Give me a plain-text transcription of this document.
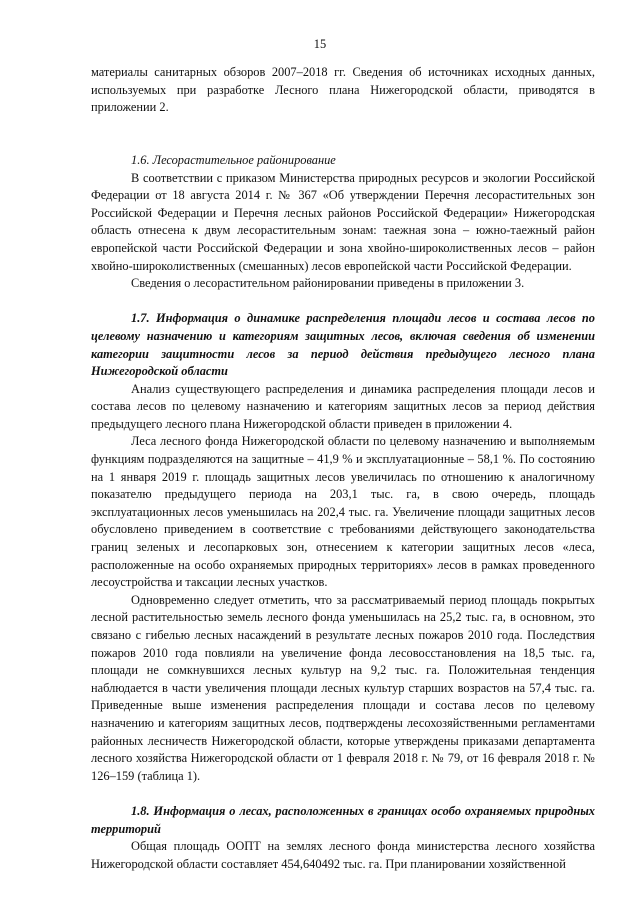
15

материалы санитарных обзоров 2007–2018 гг. Сведения об источниках исходных данных, используемых при разработке Лесного плана Нижегородской области, приводятся в приложении 2.

1.6. Лесорастительное районирование

В соответствии с приказом Министерства природных ресурсов и экологии Российской Федерации от 18 августа 2014 г. № 367 «Об утверждении Перечня лесорастительных зон Российской Федерации и Перечня лесных районов Российской Федерации» Нижегородская область отнесена к двум лесорастительным зонам: таежная зона – южно-таежный район европейской части Российской Федерации и зона хвойно-широколиственных лесов – район хвойно-широколиственных (смешанных) лесов европейской части Российской Федерации.

Сведения о лесорастительном районировании приведены в приложении 3.

1.7. Информация о динамике распределения площади лесов и состава лесов по целевому назначению и категориям защитных лесов, включая сведения об изменении категории защитности лесов за период действия предыдущего лесного плана Нижегородской области

Анализ существующего распределения и динамика распределения площади лесов и состава лесов по целевому назначению и категориям защитных лесов за период действия предыдущего лесного плана Нижегородской области приведен в приложении 4.

Леса лесного фонда Нижегородской области по целевому назначению и выполняемым функциям подразделяются на защитные – 41,9 % и эксплуатационные – 58,1 %. По состоянию на 1 января 2019 г. площадь защитных лесов увеличилась по отношению к аналогичному показателю предыдущего периода на 203,1 тыс. га, в свою очередь, площадь эксплуатационных лесов уменьшилась на 202,4 тыс. га. Увеличение площади защитных лесов обусловлено приведением в соответствие с требованиями действующего законодательства границ зеленых и лесопарковых зон, отнесением к категории защитных лесов «леса, расположенные на особо охраняемых природных территориях» лесов в рамках проведенного лесоустройства и таксации лесных участков.

Одновременно следует отметить, что за рассматриваемый период площадь покрытых лесной растительностью земель лесного фонда уменьшилась на 25,2 тыс. га, в основном, это связано с гибелью лесных насаждений в результате лесных пожаров 2010 года. Последствия пожаров 2010 года повлияли на увеличение фонда лесовосстановления на 18,5 тыс. га, площади не сомкнувшихся лесных культур на 9,2 тыс. га. Положительная тенденция наблюдается в части увеличения площади лесных культур старших возрастов на 57,4 тыс. га. Приведенные выше изменения распределения площади и состава лесов по целевому назначению и категориям защитных лесов, подтверждены лесохозяйственными регламентами районных лесничеств Нижегородской области, которые утверждены приказами департамента лесного хозяйства Нижегородской области от 1 февраля 2018 г. № 79, от 16 февраля 2018 г. № 126–159 (таблица 1).

1.8. Информация о лесах, расположенных в границах особо охраняемых природных территорий

Общая площадь ООПТ на землях лесного фонда министерства лесного хозяйства Нижегородской области составляет 454,640492 тыс. га. При планировании хозяйственной
